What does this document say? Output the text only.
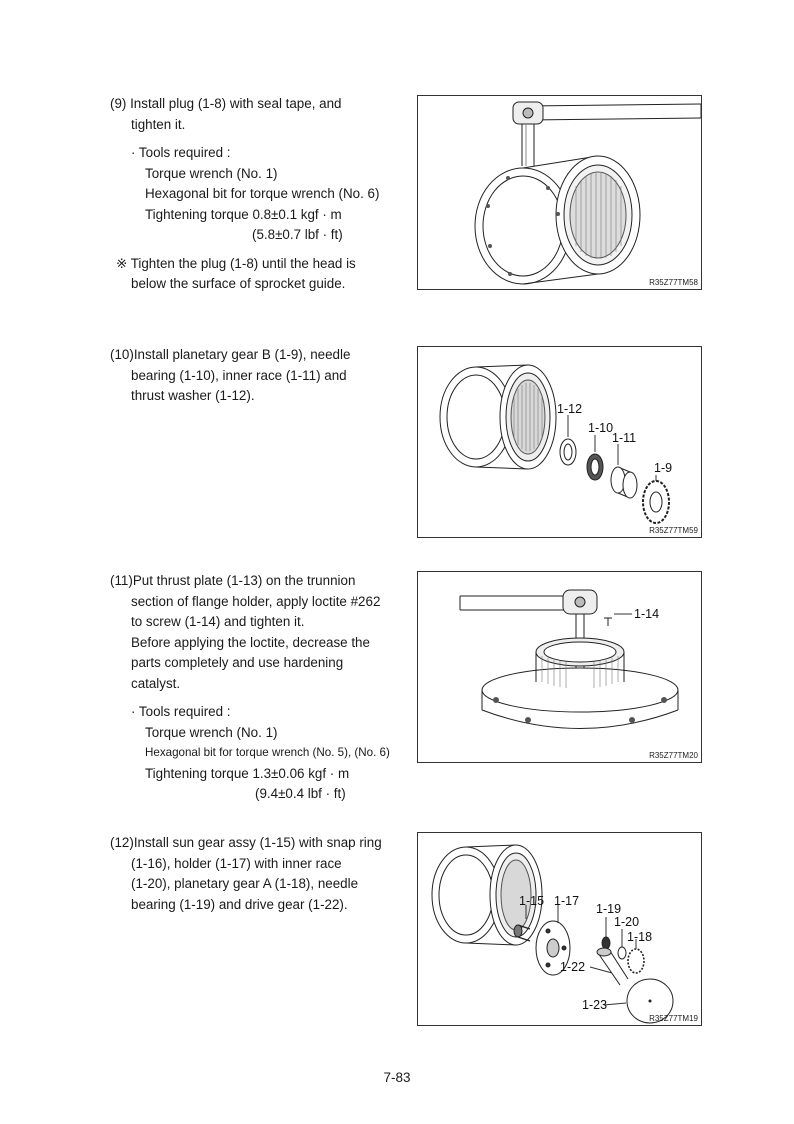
(9) Install plug (1-8) with seal tape, and
tighten it.
· Tools required :
Torque wrench (No. 1)
Hexagonal bit for torque wrench (No. 6)
Tightening torque 0.8±0.1 kgf · m
(5.8±0.7 lbf · ft)
※ Tighten the plug (1-8) until the head is
below the surface of sprocket guide.
(10)Install planetary gear B (1-9), needle
bearing (1-10), inner race (1-11) and
thrust washer (1-12).
(11)Put thrust plate (1-13) on the trunnion
section of flange holder, apply loctite #262
to screw (1-14) and tighten it.
Before applying the loctite, decrease the
parts completely and use hardening
catalyst.
· Tools required :
Torque wrench (No. 1)
Hexagonal bit for torque wrench (No. 5), (No. 6)
Tightening torque 1.3±0.06 kgf · m
(9.4±0.4 lbf · ft)
(12)Install sun gear assy (1-15) with snap ring
(1-16), holder (1-17) with inner race
(1-20), planetary gear A (1-18), needle
bearing (1-19) and drive gear (1-22).
R35Z77TM58
1-12
1-10
1-11
1-9
R35Z77TM59
1-14
R35Z77TM20
1-15 1-17
1-19
1-20
1-18
1-22
1-23
R35Z77TM19
7-83
